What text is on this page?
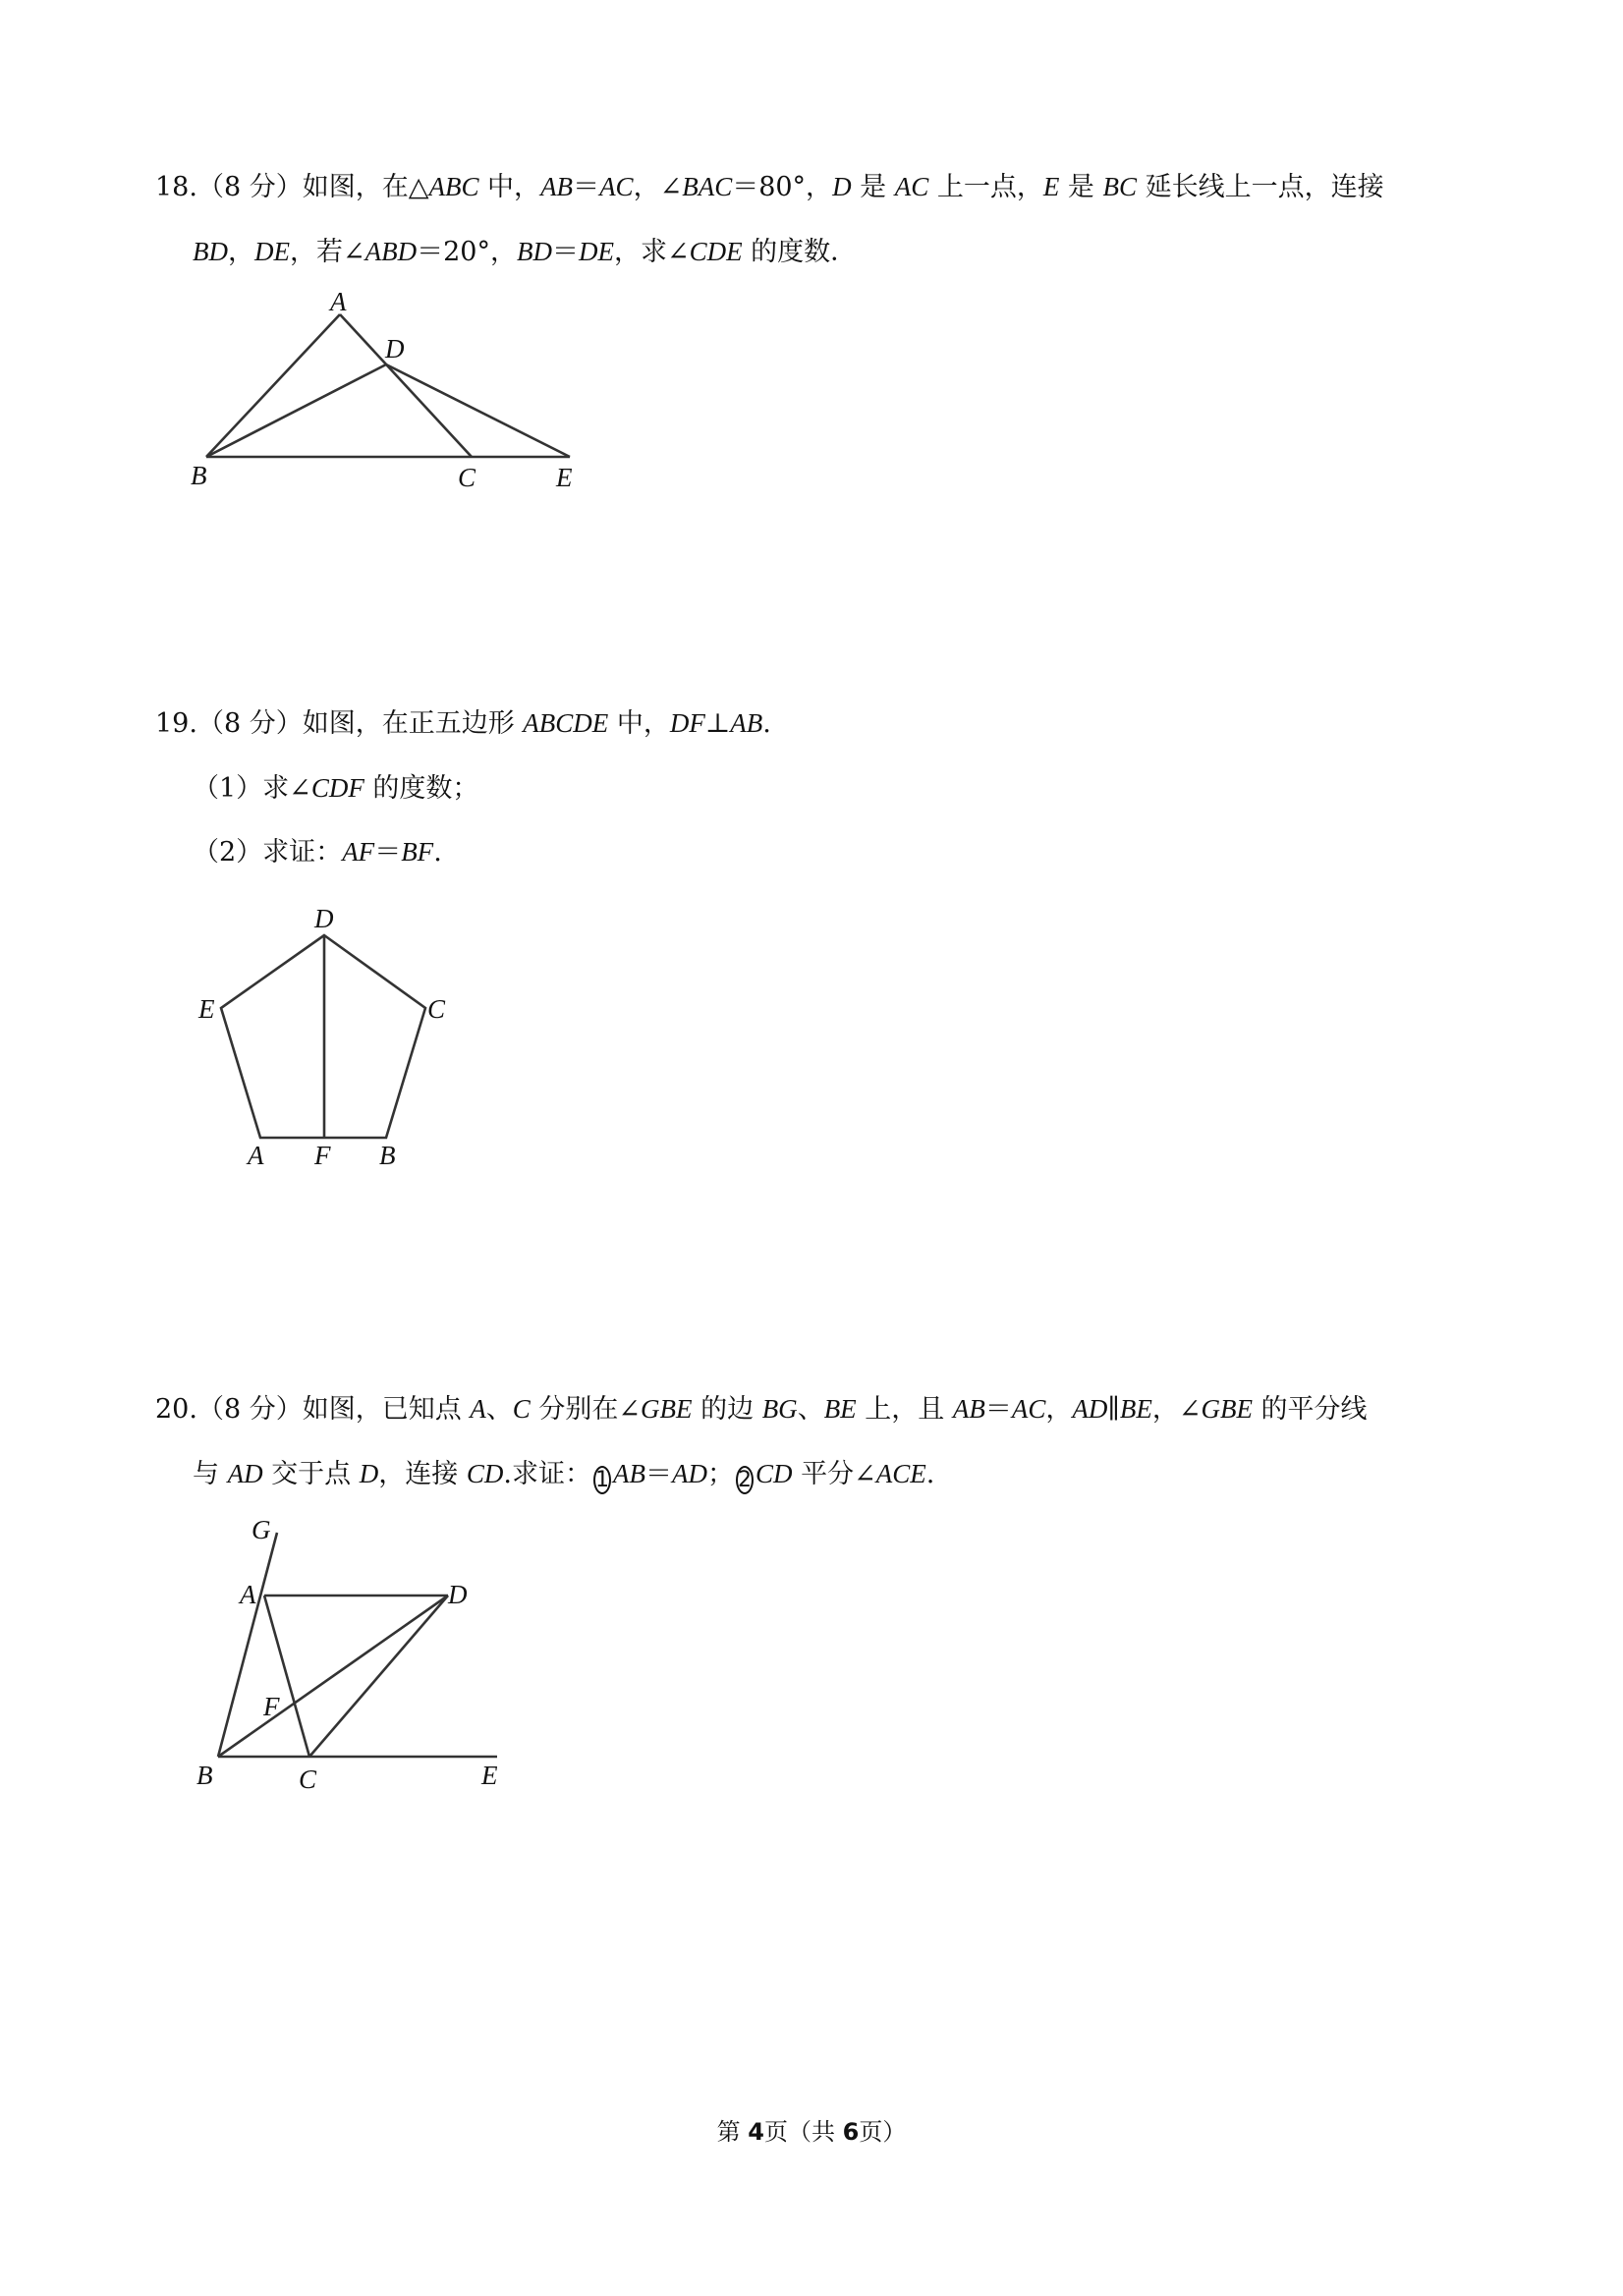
18.（8 分）如图，在△ABC 中，AB＝AC，∠BAC＝80°，D 是 AC 上一点，E 是 BC 延长线上一点，连接
BD，DE，若∠ABD＝20°，BD＝DE，求∠CDE 的度数．
A
D
B	C	E
19.（8 分）如图，在正五边形 ABCDE 中，DF⊥AB.
（1）求∠CDF 的度数；
（2）求证：AF＝BF.
D
E	C
A F B
20.（8 分）如图，已知点 A、C 分别在∠GBE 的边 BG、BE 上，且 AB＝AC，AD∥BE，∠GBE 的平分线
与 AD 交于点 D，连接 CD.求证： 1 AB＝AD； 2 CD 平分∠ACE.
G
A	D
F
B	C	E
第 4页（共 6页）
